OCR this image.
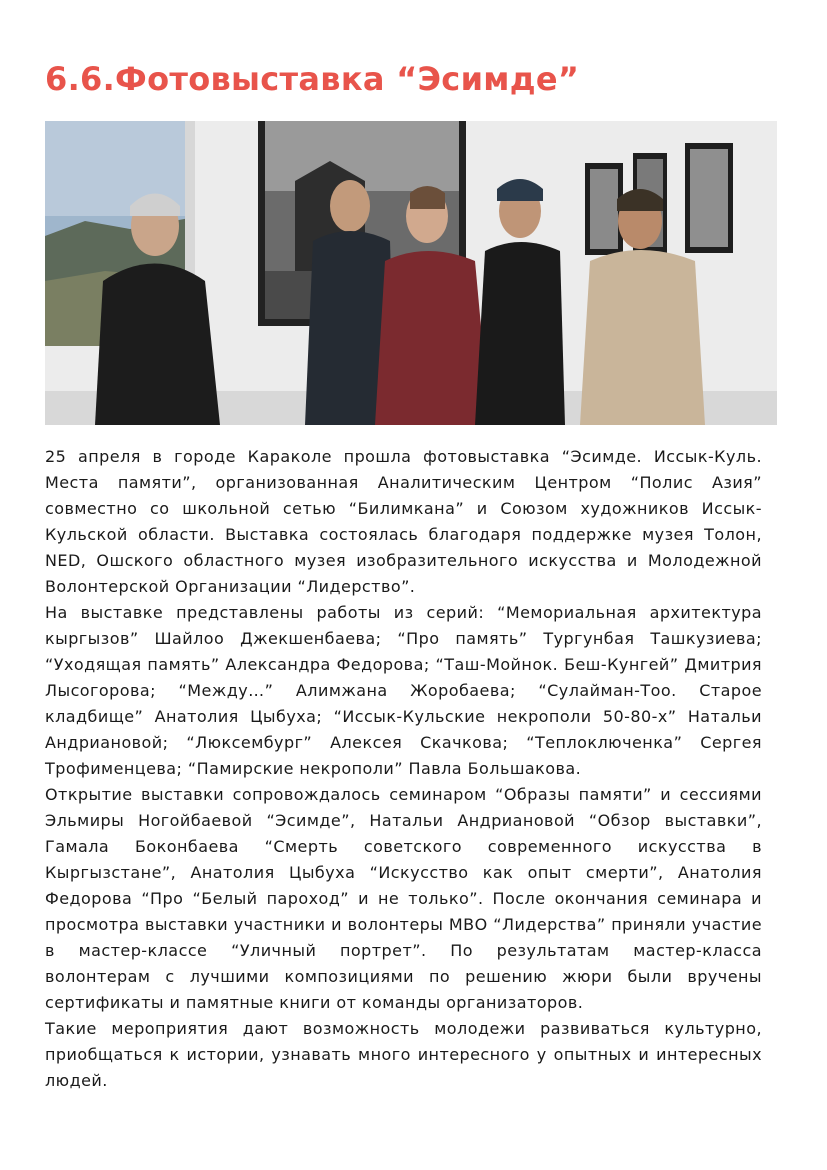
6.6.Фотовыставка “Эсимде”

25 апреля в городе Караколе прошла фотовыставка “Эсимде. Иссык-Куль. Места памяти”, организованная Аналитическим Центром “Полис Азия” совместно со школьной сетью “Билимкана” и Союзом художников Иссык-Кульской области. Выставка состоялась благодаря поддержке музея Толон, NED, Ошского областного музея изобразительного искусства и Молодежной Волонтерской Организации “Лидерство”.

На выставке представлены работы из серий: “Мемориальная архитектура кыргызов” Шайлоо Джекшенбаева; “Про память” Тургунбая Ташкузиева; “Уходящая память” Александра Федорова; “Таш-Мойнок. Беш-Кунгей” Дмитрия Лысогорова; “Между…” Алимжана Жоробаева; “Сулайман-Тоо. Старое кладбище” Анатолия Цыбуха; “Иссык-Кульские некрополи 50-80-х” Натальи Андриановой; “Люксембург” Алексея Скачкова; “Теплоключенка” Сергея Трофименцева; “Памирские некрополи” Павла Большакова.

Открытие выставки сопровождалось семинаром “Образы памяти” и сессиями Эльмиры Ногойбаевой “Эсимде”, Натальи Андриановой “Обзор выставки”, Гамала Боконбаева “Смерть советского современного искусства в Кыргызстане”, Анатолия Цыбуха “Искусство как опыт смерти”, Анатолия Федорова “Про “Белый пароход” и не только”. После окончания семинара и просмотра выставки участники и волонтеры МВО “Лидерства” приняли участие в мастер-классе “Уличный портрет”. По результатам мастер-класса волонтерам с лучшими композициями по решению жюри были вручены сертификаты и памятные книги от команды организаторов.

Такие мероприятия дают возможность молодежи развиваться культурно, приобщаться к истории, узнавать много интересного у опытных и интересных людей.
